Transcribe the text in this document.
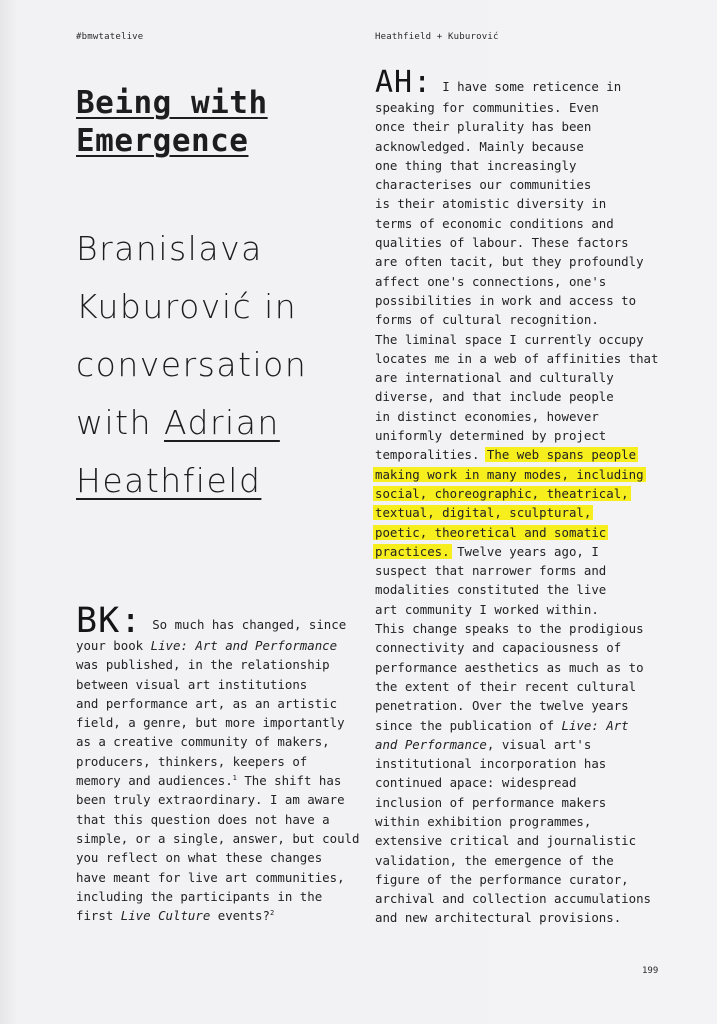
#bmwtatelive	Heathfield + Kuburović
Being with
Emergence
Branislava
Kuburović in
conversation
with Adrian
Heathfield
BK: So much has changed, since
your book Live: Art and Performance
was published, in the relationship
between visual art institutions
and performance art, as an artistic
field, a genre, but more importantly
as a creative community of makers,
producers, thinkers, keepers of
memory and audiences.$^1$ The shift has
been truly extraordinary. I am aware
that this question does not have a
simple, or a single, answer, but could
you reflect on what these changes
have meant for live art communities,
including the participants in the
first Live Culture events?$^2$
AH: I have some reticence in
speaking for communities. Even
once their plurality has been
acknowledged. Mainly because
one thing that increasingly
characterises our communities
is their atomistic diversity in
terms of economic conditions and
qualities of labour. These factors
are often tacit, but they profoundly
affect one's connections, one's
possibilities in work and access to
forms of cultural recognition.
The liminal space I currently occupy
locates me in a web of affinities that
are international and culturally
diverse, and that include people
in distinct economies, however
uniformly determined by project
temporalities. The web spans people
making work in many modes, including
social, choreographic, theatrical,
textual, digital, sculptural,
poetic, theoretical and somatic
practices. Twelve years ago, I
suspect that narrower forms and
modalities constituted the live
art community I worked within.
This change speaks to the prodigious
connectivity and capaciousness of
performance aesthetics as much as to
the extent of their recent cultural
penetration. Over the twelve years
since the publication of Live: Art
and Performance, visual art's
institutional incorporation has
continued apace: widespread
inclusion of performance makers
within exhibition programmes,
extensive critical and journalistic
validation, the emergence of the
figure of the performance curator,
archival and collection accumulations
and new architectural provisions.
199
